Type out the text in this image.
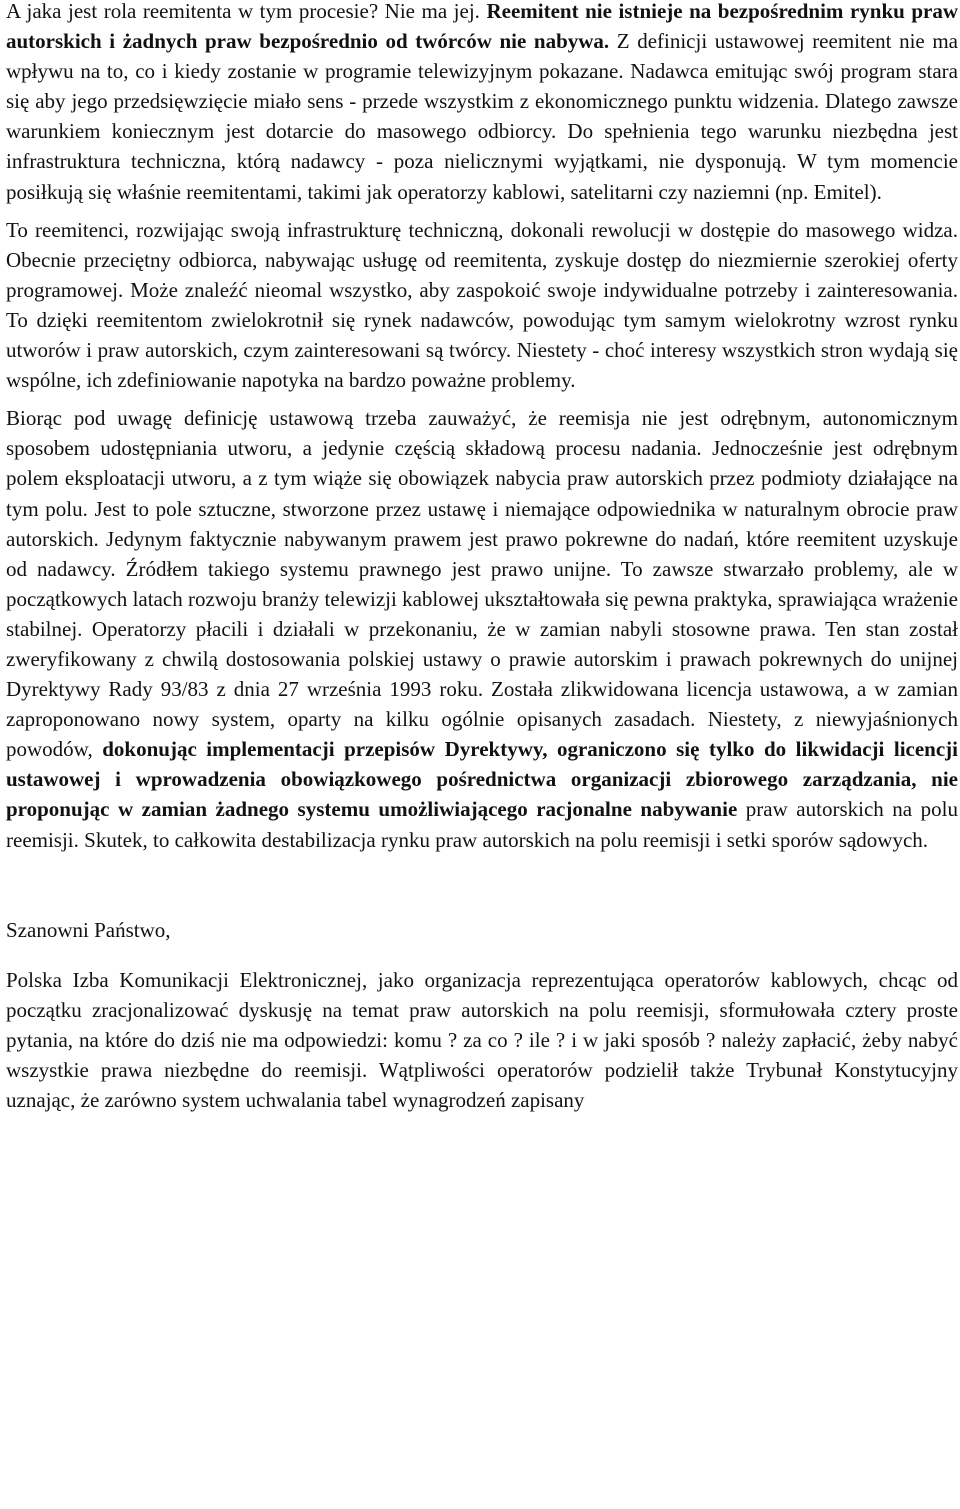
A jaka jest rola reemitenta w tym procesie? Nie ma jej. Reemitent nie istnieje na bezpośrednim rynku praw autorskich i żadnych praw bezpośrednio od twórców nie nabywa. Z definicji ustawowej reemitent nie ma wpływu na to, co i kiedy zostanie w programie telewizyjnym pokazane. Nadawca emitując swój program stara się aby jego przedsięwzięcie miało sens - przede wszystkim z ekonomicznego punktu widzenia. Dlatego zawsze warunkiem koniecznym jest dotarcie do masowego odbiorcy. Do spełnienia tego warunku niezbędna jest infrastruktura techniczna, którą nadawcy - poza nielicznymi wyjątkami, nie dysponują. W tym momencie posiłkują się właśnie reemitentami, takimi jak operatorzy kablowi, satelitarni czy naziemni (np. Emitel).

To reemitenci, rozwijając swoją infrastrukturę techniczną, dokonali rewolucji w dostępie do masowego widza. Obecnie przeciętny odbiorca, nabywając usługę od reemitenta, zyskuje dostęp do niezmiernie szerokiej oferty programowej. Może znaleźć nieomal wszystko, aby zaspokoić swoje indywidualne potrzeby i zainteresowania. To dzięki reemitentom zwielokrotnił się rynek nadawców, powodując tym samym wielokrotny wzrost rynku utworów i praw autorskich, czym zainteresowani są twórcy. Niestety - choć interesy wszystkich stron wydają się wspólne, ich zdefiniowanie napotyka na bardzo poważne problemy.

Biorąc pod uwagę definicję ustawową trzeba zauważyć, że reemisja nie jest odrębnym, autonomicznym sposobem udostępniania utworu, a jedynie częścią składową procesu nadania. Jednocześnie jest odrębnym polem eksploatacji utworu, a z tym wiąże się obowiązek nabycia praw autorskich przez podmioty działające na tym polu. Jest to pole sztuczne, stworzone przez ustawę i niemające odpowiednika w naturalnym obrocie praw autorskich. Jedynym faktycznie nabywanym prawem jest prawo pokrewne do nadań, które reemitent uzyskuje od nadawcy. Źródłem takiego systemu prawnego jest prawo unijne. To zawsze stwarzało problemy, ale w początkowych latach rozwoju branży telewizji kablowej ukształtowała się pewna praktyka, sprawiająca wrażenie stabilnej. Operatorzy płacili i działali w przekonaniu, że w zamian nabyli stosowne prawa. Ten stan został zweryfikowany z chwilą dostosowania polskiej ustawy o prawie autorskim i prawach pokrewnych do unijnej Dyrektywy Rady 93/83 z dnia 27 września 1993 roku. Została zlikwidowana licencja ustawowa, a w zamian zaproponowano nowy system, oparty na kilku ogólnie opisanych zasadach. Niestety, z niewyjaśnionych powodów, dokonując implementacji przepisów Dyrektywy, ograniczono się tylko do likwidacji licencji ustawowej i wprowadzenia obowiązkowego pośrednictwa organizacji zbiorowego zarządzania, nie proponując w zamian żadnego systemu umożliwiającego racjonalne nabywanie praw autorskich na polu reemisji. Skutek, to całkowita destabilizacja rynku praw autorskich na polu reemisji i setki sporów sądowych.

Szanowni Państwo,

Polska Izba Komunikacji Elektronicznej, jako organizacja reprezentująca operatorów kablowych, chcąc od początku zracjonalizować dyskusję na temat praw autorskich na polu reemisji, sformułowała cztery proste pytania, na które do dziś nie ma odpowiedzi: komu ? za co ? ile ? i w jaki sposób ? należy zapłacić, żeby nabyć wszystkie prawa niezbędne do reemisji. Wątpliwości operatorów podzielił także Trybunał Konstytucyjny uznając, że zarówno system uchwalania tabel wynagrodzeń zapisany
